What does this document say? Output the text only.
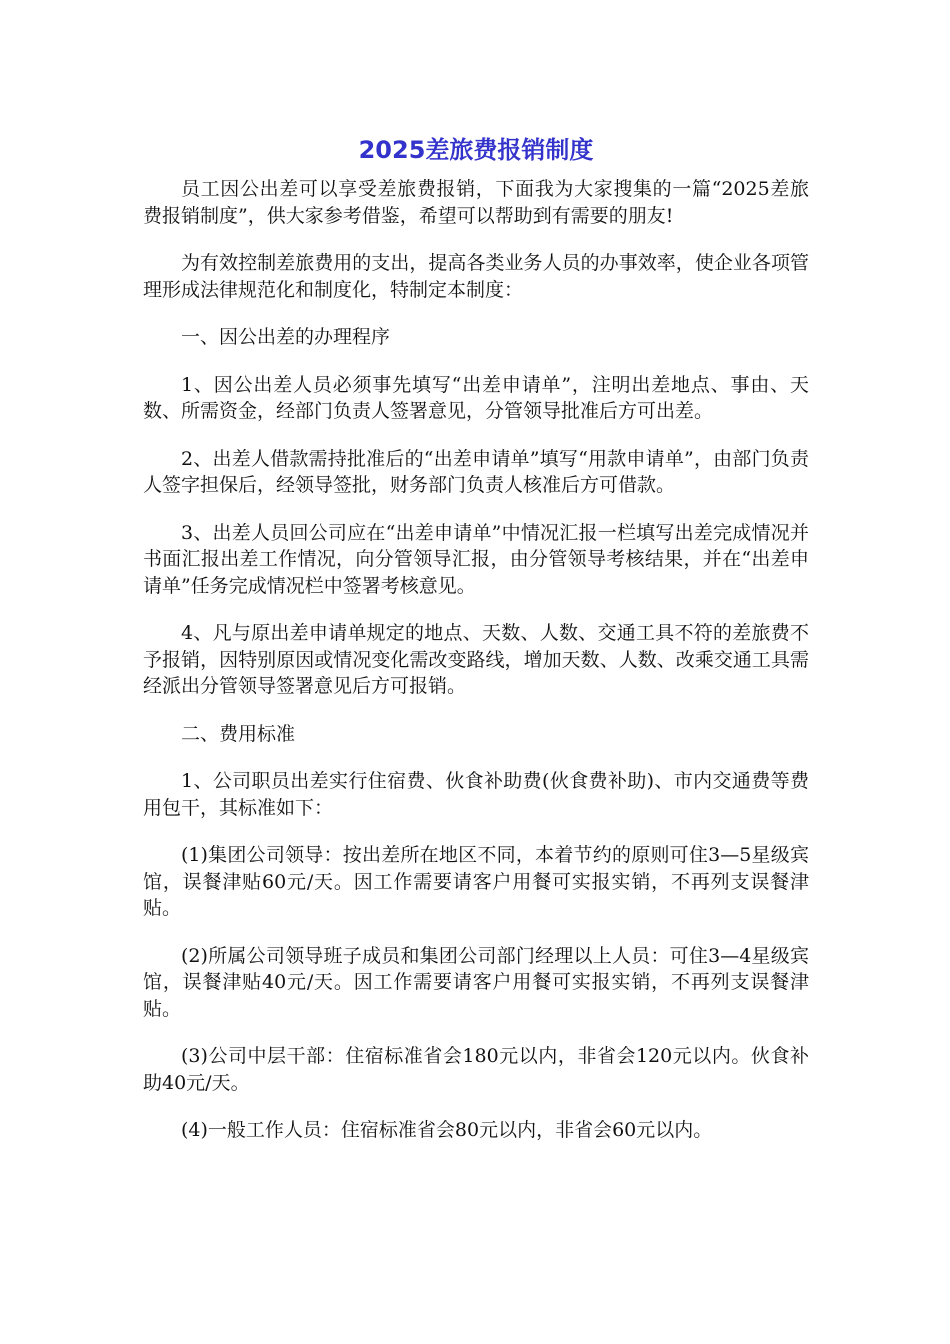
2025差旅费报销制度

员工因公出差可以享受差旅费报销，下面我为大家搜集的一篇“2025差旅费报销制度”，供大家参考借鉴，希望可以帮助到有需要的朋友!

为有效控制差旅费用的支出，提高各类业务人员的办事效率，使企业各项管理形成法律规范化和制度化，特制定本制度：

一、因公出差的办理程序

1、因公出差人员必须事先填写“出差申请单”，注明出差地点、事由、天数、所需资金，经部门负责人签署意见，分管领导批准后方可出差。

2、出差人借款需持批准后的“出差申请单”填写“用款申请单”，由部门负责人签字担保后，经领导签批，财务部门负责人核准后方可借款。

3、出差人员回公司应在“出差申请单”中情况汇报一栏填写出差完成情况并书面汇报出差工作情况，向分管领导汇报，由分管领导考核结果，并在“出差申请单”任务完成情况栏中签署考核意见。

4、凡与原出差申请单规定的地点、天数、人数、交通工具不符的差旅费不予报销，因特别原因或情况变化需改变路线，增加天数、人数、改乘交通工具需经派出分管领导签署意见后方可报销。

二、费用标准

1、公司职员出差实行住宿费、伙食补助费(伙食费补助)、市内交通费等费用包干，其标准如下：

(1)集团公司领导：按出差所在地区不同，本着节约的原则可住3—5星级宾馆，误餐津贴60元/天。因工作需要请客户用餐可实报实销，不再列支误餐津贴。

(2)所属公司领导班子成员和集团公司部门经理以上人员：可住3—4星级宾馆，误餐津贴40元/天。因工作需要请客户用餐可实报实销，不再列支误餐津贴。

(3)公司中层干部：住宿标准省会180元以内，非省会120元以内。伙食补助40元/天。

(4)一般工作人员：住宿标准省会80元以内，非省会60元以内。
